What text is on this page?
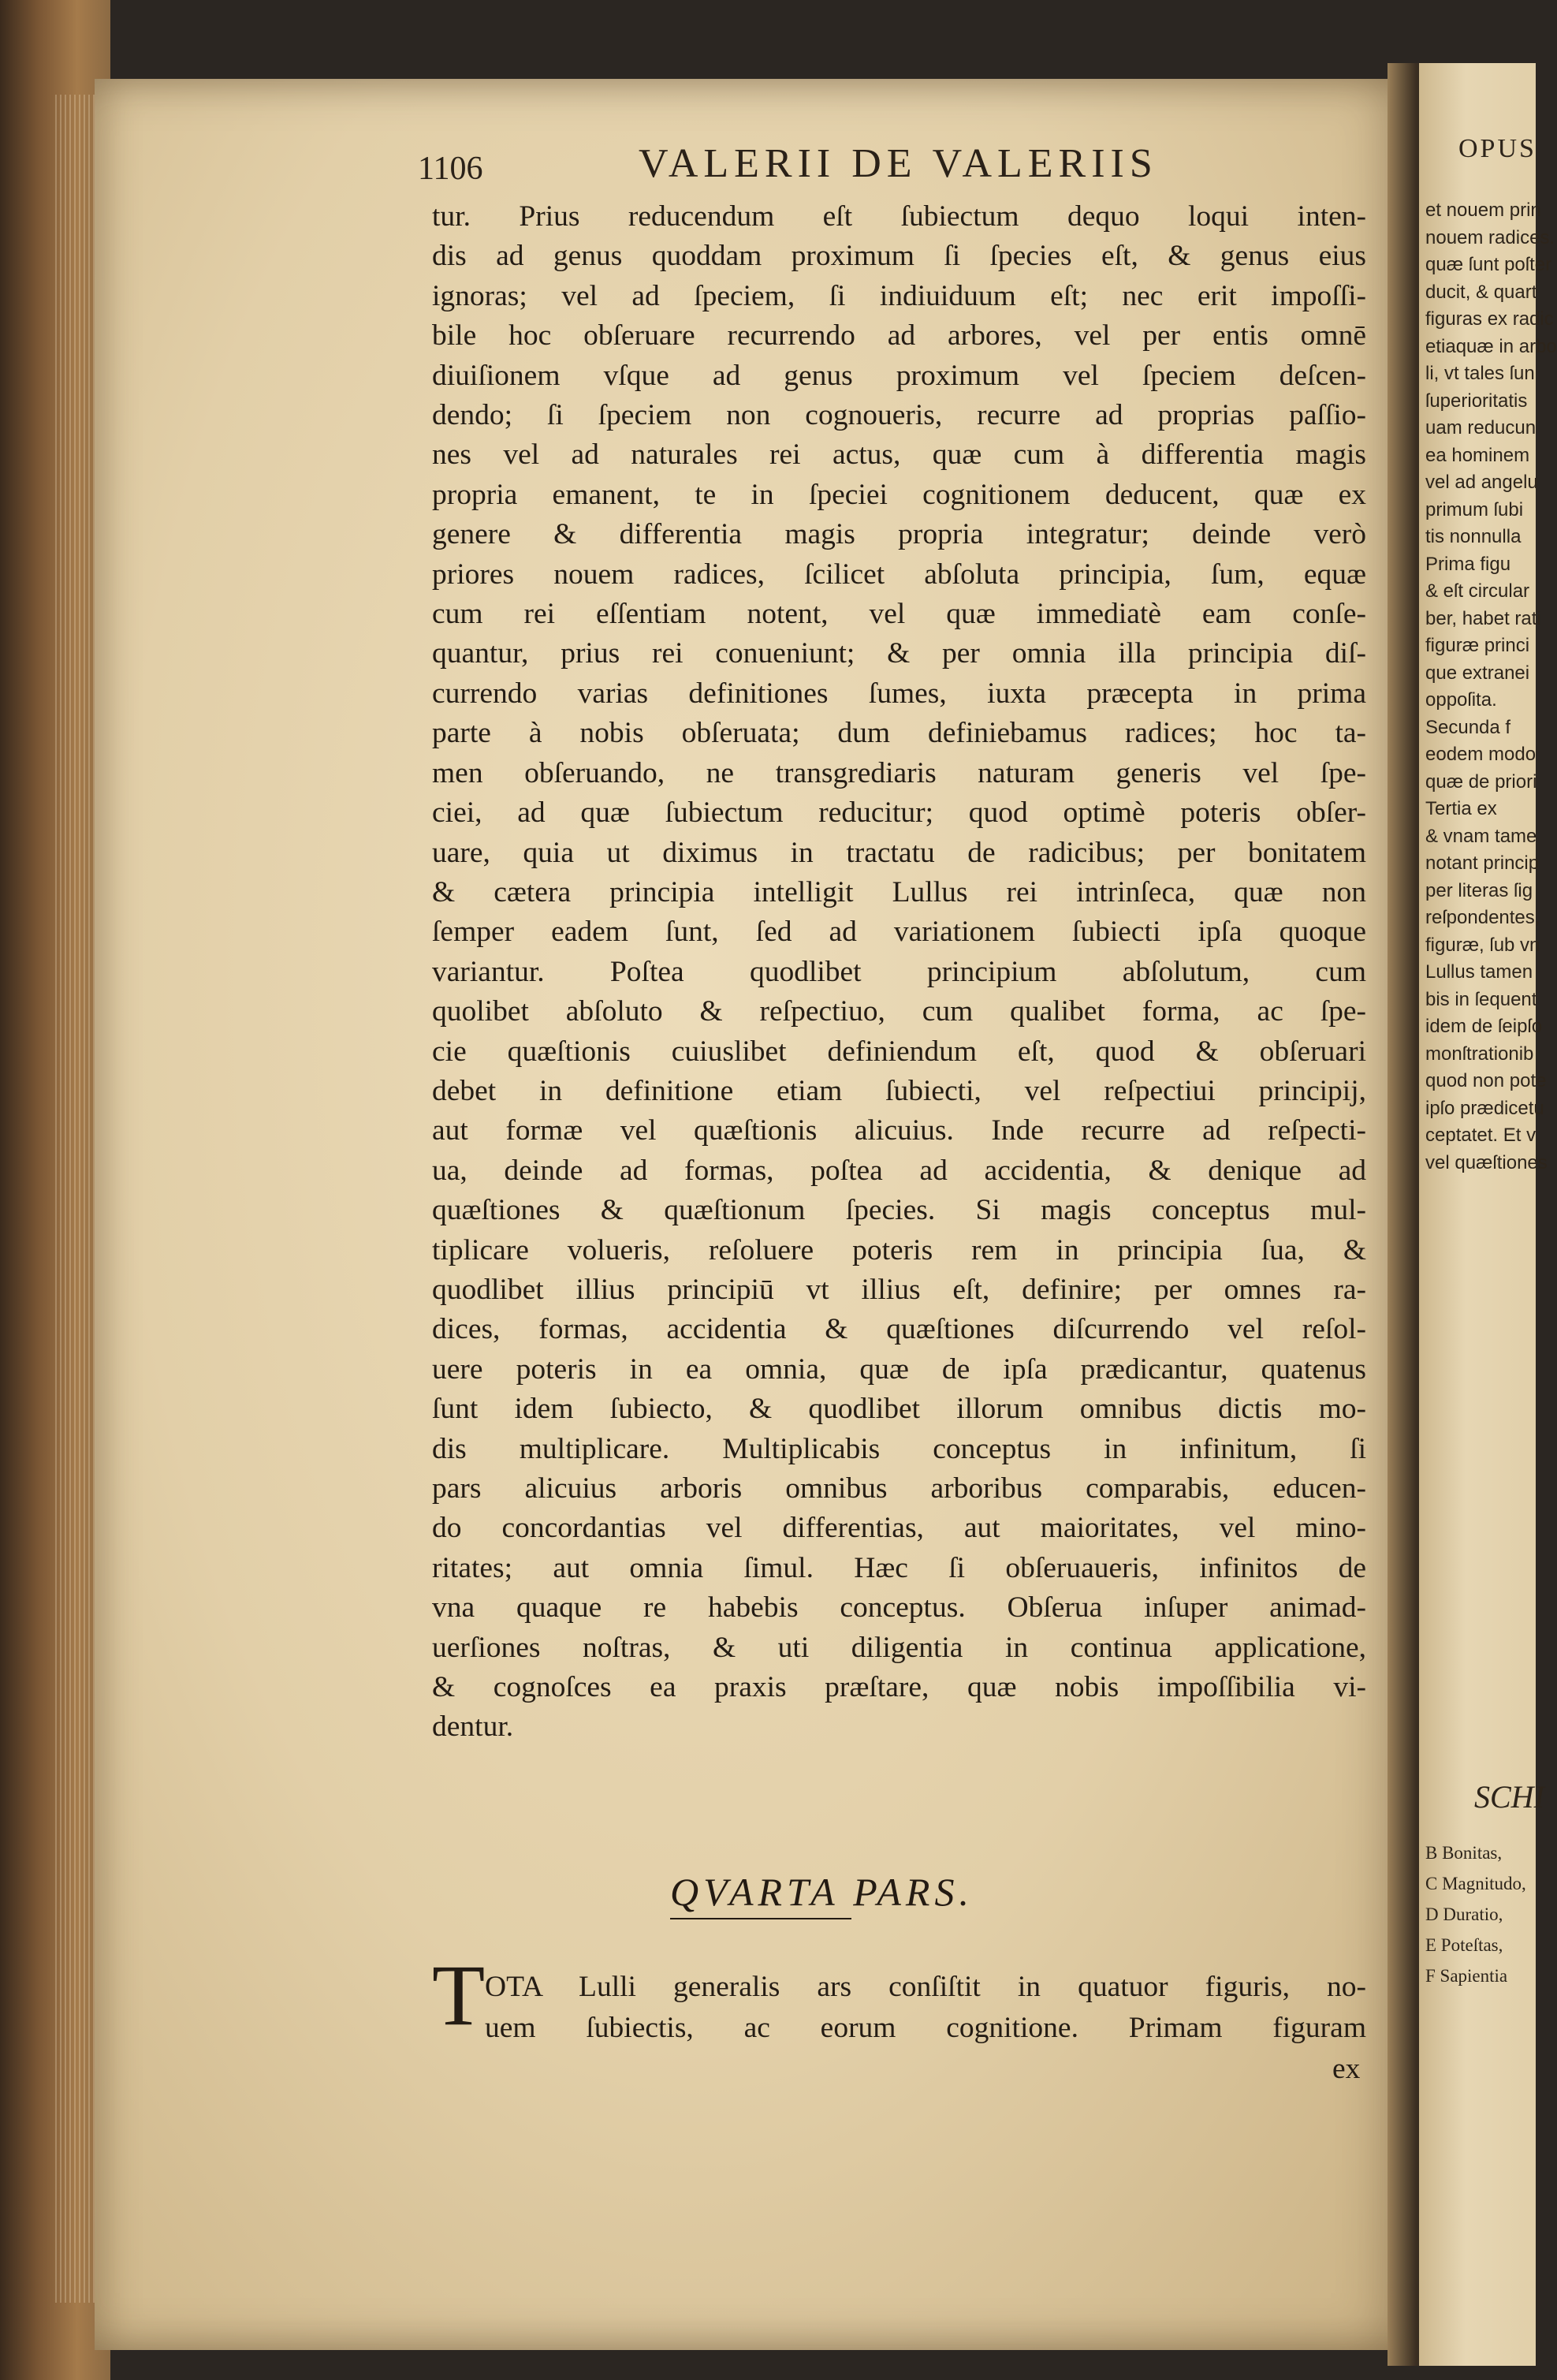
1106	VALERII DE VALERIIS
tur. Prius reducendum eſt ſubiectum dequo loqui inten-
dis ad genus quoddam proximum ſi ſpecies eſt, & genus eius
ignoras; vel ad ſpeciem, ſi indiuiduum eſt; nec erit impoſſi-
bile hoc obſeruare recurrendo ad arbores, vel per entis omnē
diuiſionem vſque ad genus proximum vel ſpeciem deſcen-
dendo; ſi ſpeciem non cognoueris, recurre ad proprias paſſio-
nes vel ad naturales rei actus, quæ cum à differentia magis
propria emanent, te in ſpeciei cognitionem deducent, quæ ex
genere & differentia magis propria integratur; deinde verò
priores nouem radices, ſcilicet abſoluta principia, ſum, equæ
cum rei eſſentiam notent, vel quæ immediatè eam conſe-
quantur, prius rei conueniunt; & per omnia illa principia diſ-
currendo varias definitiones ſumes, iuxta præcepta in prima
parte à nobis obſeruata; dum definiebamus radices; hoc ta-
men obſeruando, ne transgrediaris naturam generis vel ſpe-
ciei, ad quæ ſubiectum reducitur; quod optimè poteris obſer-
uare, quia ut diximus in tractatu de radicibus; per bonitatem
& cætera principia intelligit Lullus rei intrinſeca, quæ non
ſemper eadem ſunt, ſed ad variationem ſubiecti ipſa quoque
variantur. Poſtea quodlibet principium abſolutum, cum
quolibet abſoluto & reſpectiuo, cum qualibet forma, ac ſpe-
cie quæſtionis cuiuslibet definiendum eſt, quod & obſeruari
debet in definitione etiam ſubiecti, vel reſpectiui principij,
aut formæ vel quæſtionis alicuius. Inde recurre ad reſpecti-
ua, deinde ad formas, poſtea ad accidentia, & denique ad
quæſtiones & quæſtionum ſpecies. Si magis conceptus mul-
tiplicare volueris, reſoluere poteris rem in principia ſua, &
quodlibet illius principiū vt illius eſt, definire; per omnes ra-
dices, formas, accidentia & quæſtiones diſcurrendo vel reſol-
uere poteris in ea omnia, quæ de ipſa prædicantur, quatenus
ſunt idem ſubiecto, & quodlibet illorum omnibus dictis mo-
dis multiplicare. Multiplicabis conceptus in infinitum, ſi
pars alicuius arboris omnibus arboribus comparabis, educen-
do concordantias vel differentias, aut maioritates, vel mino-
ritates; aut omnia ſimul. Hæc ſi obſeruaueris, infinitos de
vna quaque re habebis conceptus. Obſerua inſuper animad-
uerſiones noſtras, & uti diligentia in continua applicatione,
& cognoſces ea praxis præſtare, quæ nobis impoſſibilia vi-
dentur.
QVARTA PARS.
T OTA Lulli generalis ars conſiſtit in quatuor figuris, no-
uem ſubiectis, ac eorum cognitione. Primam figuram
ex
OPUS
et nouem prin
nouem radices.
quæ ſunt poſter
ducit, & quart
figuras ex radic
etiaquæ in arbo
li, vt tales ſun
ſuperioritatis
uam reducun
ea hominem
vel ad angelu
primum ſubi
tis nonnulla
Prima figu
& eſt circular
ber, habet rati
figuræ princi
que extranei
oppoſita.
Secunda f
eodem modo
quæ de priori
Tertia ex
& vnam tame
notant princip
per literas ſig
reſpondentes,
figuræ, ſub vn
Lullus tamen
bis in ſequent
idem de ſeipſo
monſtrationib
quod non pote
ipſo prædicetu
ceptatet. Et v
vel quæſtiones
SCHI
B Bonitas,
C Magnitudo,
D Duratio,
E Poteſtas,
F Sapientia
